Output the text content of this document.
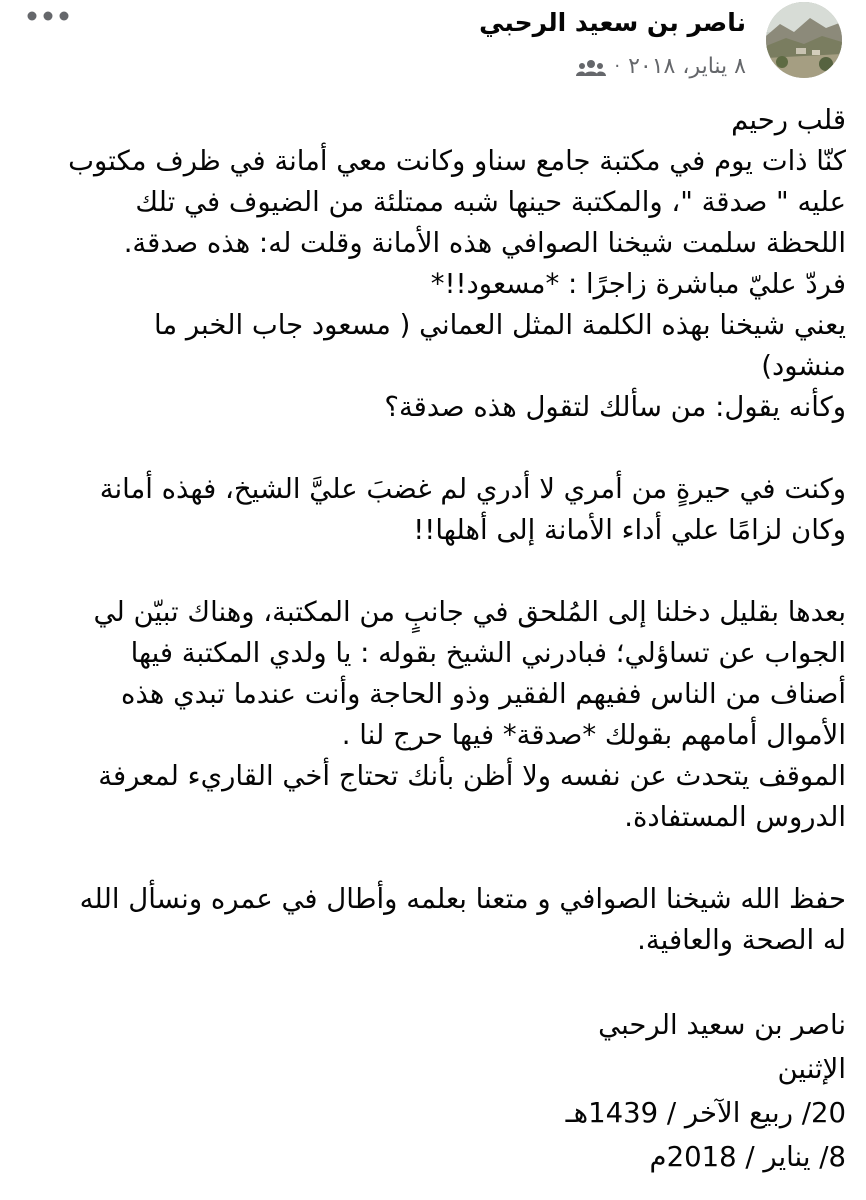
ناصر بن سعيد الرحبي
٨ يناير، ٢٠١٨
·

قلب رحيم

كنّا ذات يوم في مكتبة جامع سناو وكانت معي أمانة في ظرف مكتوب

عليه " صدقة "، والمكتبة حينها شبه ممتلئة من الضيوف في تلك

اللحظة سلمت شيخنا الصوافي هذه الأمانة وقلت له: هذه صدقة.

فردّ عليّ مباشرة زاجرًا : *مسعود!!*

يعني شيخنا بهذه الكلمة المثل العماني ( مسعود جاب الخبر ما

منشود)

وكأنه يقول: من سألك لتقول هذه صدقة؟

وكنت في حيرةٍ من أمري لا أدري لم غضبَ عليَّ الشيخ، فهذه أمانة

وكان لزامًا علي أداء الأمانة إلى أهلها!!

بعدها بقليل دخلنا إلى المُلحق في جانبٍ من المكتبة، وهناك تبيّن لي

الجواب عن تساؤلي؛ فبادرني الشيخ بقوله : يا ولدي المكتبة فيها

أصناف من الناس ففيهم الفقير وذو الحاجة وأنت عندما تبدي هذه

الأموال أمامهم بقولك *صدقة* فيها حرج لنا .

الموقف يتحدث عن نفسه ولا أظن بأنك تحتاج أخي القاريء لمعرفة

الدروس المستفادة.

حفظ الله شيخنا الصوافي و متعنا بعلمه وأطال في عمره ونسأل الله

له الصحة والعافية.

ناصر بن سعيد الرحبي

الإثنين

20/ ربيع الآخر / 1439هـ

8/ يناير / 2018م
